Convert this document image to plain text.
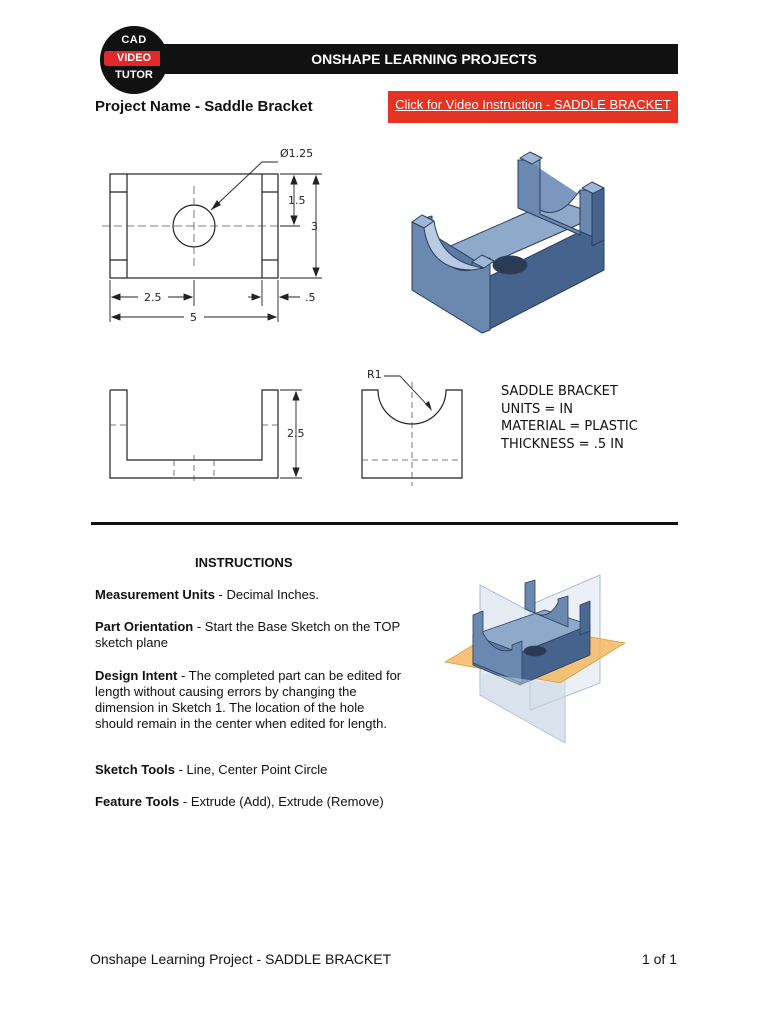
CAD
VIDEO
TUTOR
ONSHAPE LEARNING PROJECTS
Project Name - Saddle Bracket	Click for Video Instruction - SADDLE BRACKET
Ø1.25
1.5
3
2.5	.5
5
2.5
R1
SADDLE BRACKET
UNITS = IN
MATERIAL = PLASTIC
THICKNESS = .5 IN
INSTRUCTIONS
Measurement Units - Decimal Inches.
Part Orientation - Start the Base Sketch on the TOP sketch plane
Design Intent - The completed part can be edited for length without causing errors by changing the dimension in Sketch 1. The location of the hole should remain in the center when edited for length.
Sketch Tools - Line, Center Point Circle
Feature Tools - Extrude (Add), Extrude (Remove)
Onshape Learning Project - SADDLE BRACKET	1 of 1
